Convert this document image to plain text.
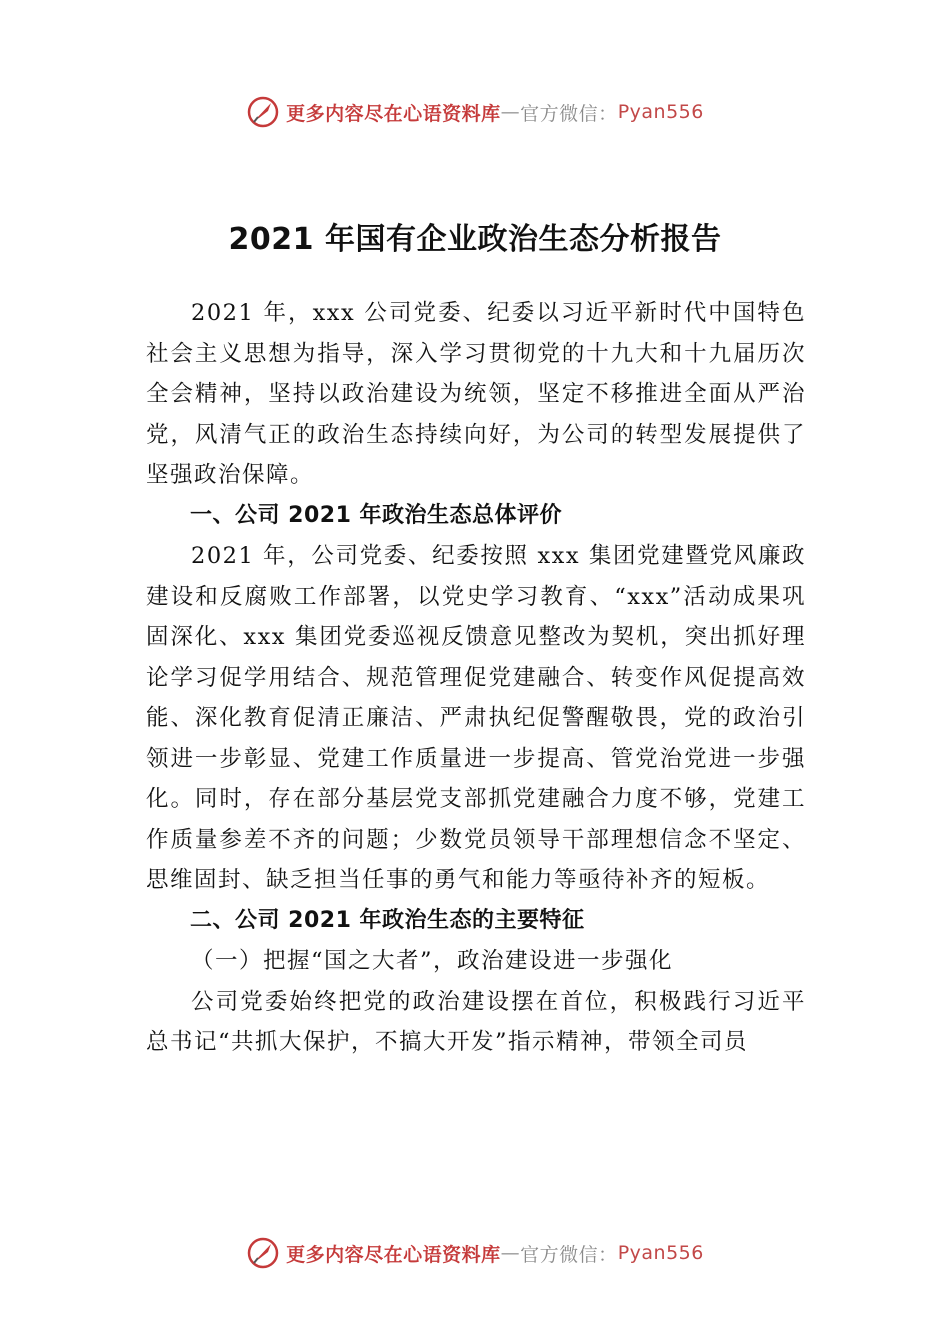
更多内容尽在心语资料库 — 官方微信： Pyan556
2021 年国有企业政治生态分析报告

2021 年，xxx 公司党委、纪委以习近平新时代中国特色社会主义思想为指导，深入学习贯彻党的十九大和十九届历次全会精神，坚持以政治建设为统领，坚定不移推进全面从严治党，风清气正的政治生态持续向好，为公司的转型发展提供了坚强政治保障。

一、公司 2021 年政治生态总体评价

2021 年，公司党委、纪委按照 xxx 集团党建暨党风廉政建设和反腐败工作部署，以党史学习教育、“xxx”活动成果巩固深化、xxx 集团党委巡视反馈意见整改为契机，突出抓好理论学习促学用结合、规范管理促党建融合、转变作风促提高效能、深化教育促清正廉洁、严肃执纪促警醒敬畏，党的政治引领进一步彰显、党建工作质量进一步提高、管党治党进一步强化。同时，存在部分基层党支部抓党建融合力度不够，党建工作质量参差不齐的问题；少数党员领导干部理想信念不坚定、思维固封、缺乏担当任事的勇气和能力等亟待补齐的短板。

二、公司 2021 年政治生态的主要特征

（一）把握“国之大者”，政治建设进一步强化

公司党委始终把党的政治建设摆在首位，积极践行习近平总书记“共抓大保护，不搞大开发”指示精神，带领全司员

更多内容尽在心语资料库 — 官方微信： Pyan556
